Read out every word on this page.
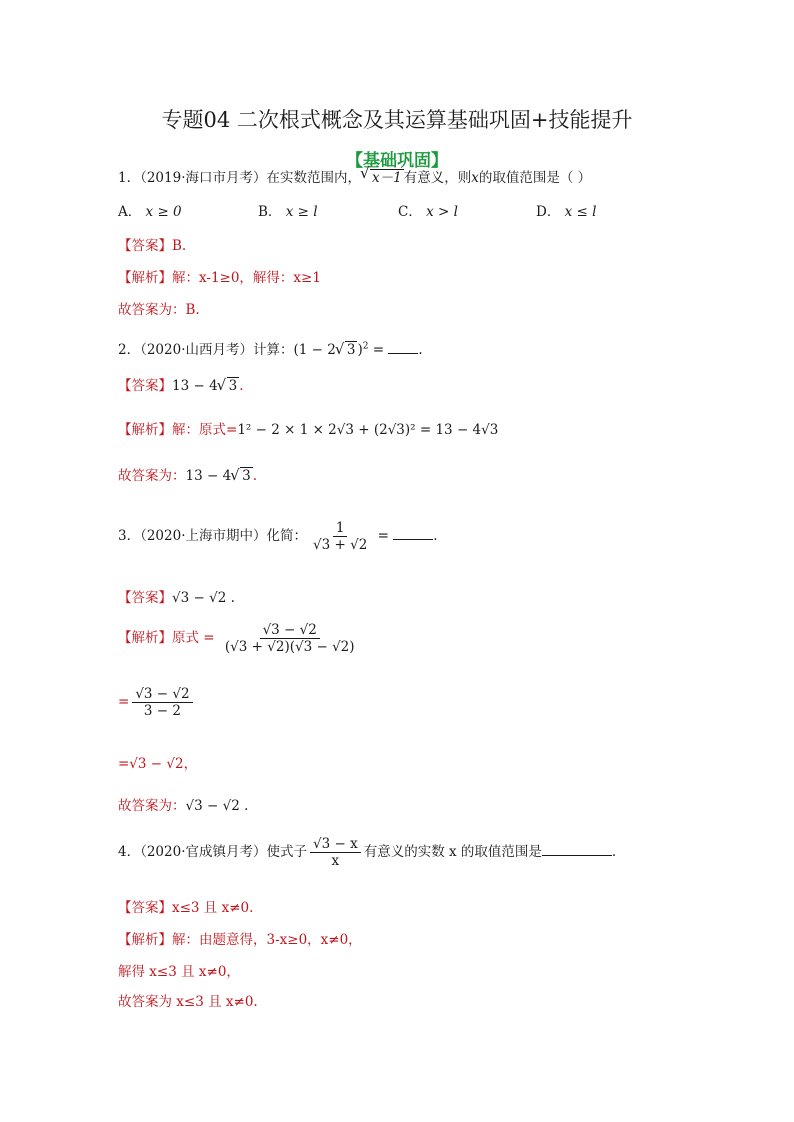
专题04 二次根式概念及其运算基础巩固+技能提升
【基础巩固】
1．（2019·海口市月考）在实数范围内， √ x－1 有意义，则x的取值范围是（ ）
A． x ≥ 0	B． x ≥ l	C． x > l	D． x ≤ l
【答案】B.
【解析】解：x-1≥0，解得：x≥1
故答案为：B.
2．（2020·山西月考）计算：(1 − 2 √ 3 )$^2$ = .
【答案】13 − 4 √ 3 .
【解析】解：原式=1² − 2 × 1 × 2√3 + (2√3)² = 13 − 4√3
故答案为：13 − 4 √ 3 .
3．（2020·上海市期中）化简： $\frac{1}{√3 + √2}$ =	.
【答案】√3 − √2 .
【解析】原式 = $\frac{√3 - √2}{(√3 + √2)(√3 - √2)}$
= $\frac{√3 - √2}{3 - 2}$
=√3 − √2，
故答案为：√3 − √2 .
4．（2020·官成镇月考）使式子 $\frac{√3 - x}{x}$ 有意义的实数 x 的取值范围是	.
【答案】x≤3 且 x≠0.
【解析】解：由题意得，3-x≥0，x≠0，
解得 x≤3 且 x≠0，
故答案为 x≤3 且 x≠0.
